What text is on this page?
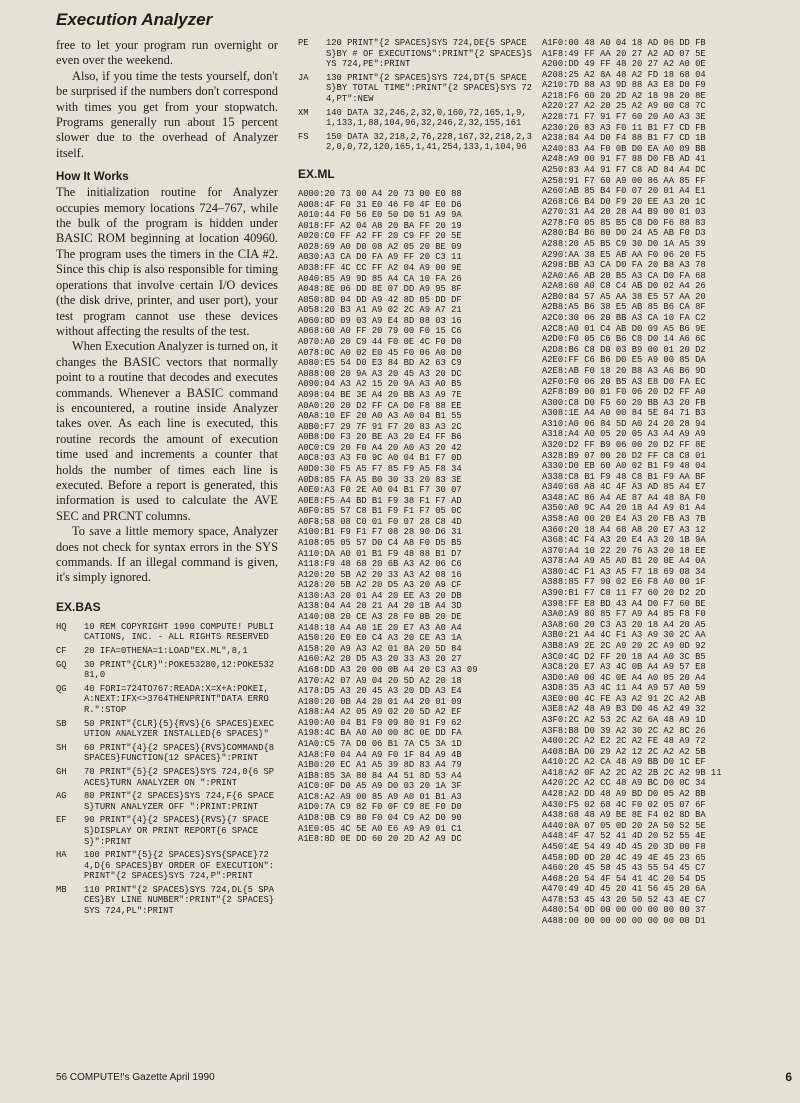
Execution Analyzer

free to let your program run overnight or even over the weekend.

Also, if you time the tests yourself, don't be surprised if the numbers don't correspond with times you get from your stopwatch. Programs generally run about 15 percent slower due to the overhead of Analyzer itself.

How It Works

The initialization routine for Analyzer occupies memory locations 724–767, while the bulk of the program is hidden under BASIC ROM beginning at location 40960. The program uses the timers in the CIA #2. Since this chip is also responsible for timing operations that involve certain I/O devices (the disk drive, printer, and user port), your test program cannot use these devices without affecting the results of the test.

When Execution Analyzer is turned on, it changes the BASIC vectors that normally point to a routine that decodes and executes commands. Whenever a BASIC command is encountered, a routine inside Analyzer takes over. As each line is executed, this routine records the amount of execution time used and increments a counter that holds the number of times each line is executed. Before a report is generated, this information is used to calculate the AVE SEC and PRCNT columns.

To save a little memory space, Analyzer does not check for syntax errors in the SYS commands. If an illegal command is given, it's simply ignored.

EX.BAS
HQ	10 REM COPYRIGHT 1990 COMPUTE! PUBLICATIONS, INC. - ALL RIGHTS RESERVED
CF	20 IFA=0THENA=1:LOAD"EX.ML",8,1
GQ	30 PRINT"{CLR}":POKE53280,12:POKE53281,0
QG	40 FORI=724TO767:READA:X=X+A:POKEI,A:NEXT:IFX<>3764THENPRINT"DATA ERROR.":STOP
SB	50 PRINT"{CLR}{5}{RVS}{6 SPACES}EXECUTION ANALYZER INSTALLED{6 SPACES}"
SH	60 PRINT"{4}{2 SPACES}{RVS}COMMAND{8 SPACES}FUNCTION{12 SPACES}":PRINT
GH	70 PRINT"{5}{2 SPACES}SYS 724,0{6 SPACES}TURN ANALYZER ON ":PRINT
AG	80 PRINT"{2 SPACES}SYS 724,F{6 SPACES}TURN ANALYZER OFF ":PRINT:PRINT
EF	90 PRINT"{4}{2 SPACES}{RVS}{7 SPACES}DISPLAY OR PRINT REPORT{6 SPACES}":PRINT
HA	100 PRINT"{5}{2 SPACES}SYS{SPACE}724,D{6 SPACES}BY ORDER OF EXECUTION":PRINT"{2 SPACES}SYS 724,P":PRINT
MB	110 PRINT"{2 SPACES}SYS 724,DL{5 SPACES}BY LINE NUMBER":PRINT"{2 SPACES}SYS 724,PL":PRINT
PE	120 PRINT"{2 SPACES}SYS 724,DE{5 SPACES}BY # OF EXECUTIONS":PRINT"{2 SPACES}SYS 724,PE":PRINT
JA	130 PRINT"{2 SPACES}SYS 724,DT{5 SPACES}BY TOTAL TIME":PRINT"{2 SPACES}SYS 724,PT":NEW
XM	140 DATA 32,246,2,32,0,160,72,165,1,9,1,133,1,88,104,96,32,246,2,32,155,161
FS	150 DATA 32,218,2,76,228,167,32,218,2,32,0,0,72,120,165,1,41,254,133,1,104,96
EX.ML
A000:20 73 00 A4 20 73 00 E0 88
A008:4F F0 31 E0 46 F0 4F E0 D6
A010:44 F0 56 E0 50 D0 51 A9 9A
A018:FF A2 04 A8 20 BA FF 20 19
A020:C0 FF A2 FF 20 C9 FF 20 5E
A028:69 A0 D0 08 A2 05 20 BE 09
A030:A3 CA D0 FA A9 FF 20 C3 11
A038:FF 4C CC FF A2 04 A9 00 9E
A040:85 A9 9D 85 A4 CA 10 FA 26
A048:8E 06 DD 8E 07 DD A9 95 8F
A050:8D 04 DD A9 42 8D 05 DD DF
A058:20 B3 A1 A9 02 2C A9 A7 21
A060:8D 09 03 A9 E4 8D 08 03 16
A068:60 A0 FF 20 79 00 F0 15 C6
A070:A0 20 C9 44 F0 0E 4C F0 D0
A078:0C A0 02 E0 45 F0 06 A0 D0
A080:E5 54 D0 E3 84 BD A2 63 C9
A088:00 20 9A A3 20 45 A3 20 DC
A090:04 A3 A2 15 20 9A A3 A0 B5
A098:04 BE 3E A4 20 BB A3 A9 7E
A0A0:20 20 D2 FF CA D0 F8 88 EE
A0A8:10 EF 20 A0 A3 A0 04 B1 55
A0B0:F7 29 7F 91 F7 20 83 A3 2C
A0B8:D0 F3 20 BE A3 20 E4 FF B6
A0C0:C9 20 F0 A4 20 A0 A3 20 42
A0C8:03 A3 F0 9C A0 04 B1 F7 0D
A0D0:30 F5 A5 F7 85 F9 A5 F8 34
A0D8:85 FA A5 B0 30 33 20 83 3E
A0E0:A3 F0 2E A0 04 B1 F7 30 07
A0E8:F5 A4 BD B1 F9 38 F1 F7 AD
A0F0:85 57 C8 B1 F9 F1 F7 05 0C
A0F8:58 08 C0 01 F0 07 28 C8 4D
A100:B1 F9 F1 F7 08 28 90 D6 31
A108:05 05 57 D0 C4 A8 F0 D5 B5
A110:DA A0 01 B1 F9 48 88 B1 D7
A118:F9 48 68 20 6B A3 A2 06 C6
A120:20 5B A2 20 33 A3 A2 08 16
A128:20 5B A2 20 D5 A3 20 A9 CF
A130:A3 20 01 A4 20 EE A3 20 DB
A138:04 A4 20 21 A4 20 1B A4 3D
A140:08 20 CE A3 28 F0 0B 20 DE
A148:18 A4 A0 1E 20 E7 A3 A0 A4
A150:20 E0 E0 C4 A3 20 CE A3 1A
A158:20 A9 A3 A2 01 8A 20 5D 84
A160:A2 20 D5 A3 20 33 A3 20 27
A168:DD A3 20 00 0B A4 20 C3 A3 09
A170:A2 07 A9 04 20 5D A2 20 18
A178:D5 A3 20 45 A3 20 DD A3 E4
A180:20 0B A4 20 01 A4 20 01 09
A188:A4 A2 05 A9 02 20 5D A2 EF
A190:A0 04 B1 F9 09 80 91 F9 62
A198:4C BA A0 A0 00 8C 0E DD FA
A1A0:C5 7A D0 06 B1 7A C5 3A 1D
A1A8:F0 04 A4 A9 F0 1F 84 A9 4B
A1B0:20 EC A1 A5 39 8D 83 A4 79
A1B8:85 3A 80 84 A4 51 8D 53 A4
A1C0:0F D0 A5 A9 D0 03 20 1A 3F
A1C8:A2 A9 00 85 A9 A0 01 B1 A3
A1D0:7A C9 82 F0 0F C9 8E F0 D0
A1D8:0B C9 80 F0 04 C9 A2 D0 90
A1E0:05 4C 5E A0 E6 A9 A9 01 C1
A1E8:8D 0E DD 60 20 2D A2 A9 DC
A1F0:00 48 A0 04 18 AD 06 DD FB
A1F8:49 FF AA 20 27 A2 AD 07 5E
A200:DD 49 FF 48 20 27 A2 A0 0E
A208:25 A2 8A 48 A2 FD 18 68 04
A210:7D 88 A3 9D 88 A3 E8 D0 F9
A218:F6 60 20 2D A2 18 98 20 8E
A220:27 A2 20 25 A2 A9 00 C8 7C
A228:71 F7 91 F7 60 20 A0 A3 3E
A230:20 83 A3 F0 11 B1 F7 CD FB
A238:84 A4 D0 F4 88 B1 F7 CD 1B
A240:83 A4 F0 0B D0 EA A0 09 BB
A248:A9 00 91 F7 88 D0 FB AD 41
A250:83 A4 91 F7 C8 AD 84 A4 DC
A258:91 F7 60 A9 00 86 AA 85 FF
A260:AB 85 B4 F0 07 20 01 A4 E1
A268:C6 B4 D0 F9 20 EE A3 20 1C
A270:31 A4 20 28 A4 B9 00 01 03
A278:F0 05 85 B5 C8 D0 F6 88 83
A280:B4 B6 80 D0 24 A5 AB F0 D3
A288:20 A5 B5 C9 30 D0 1A A5 39
A290:AA 38 E5 AB AA F0 06 20 F5
A298:BB A3 CA D0 FA 20 B8 A3 78
A2A0:A6 AB 20 B5 A3 CA D0 FA 68
A2A8:60 A0 C8 C4 AB D0 02 A4 26
A2B0:84 57 A5 AA 38 E5 57 AA 20
A2B8:A5 B6 38 E5 AB 85 B6 CA 8F
A2C0:30 06 20 BB A3 CA 10 FA C2
A2C8:A0 01 C4 AB D0 09 A5 B6 9E
A2D0:F0 05 C6 B6 C8 D0 14 A6 6C
A2D8:B6 C8 D0 03 B9 00 01 20 D2
A2E0:FF C6 B6 D0 E5 A9 00 85 DA
A2E8:AB F0 18 20 B8 A3 A6 B6 9D
A2F0:F0 06 20 B5 A3 E8 D0 FA EC
A2F8:B9 00 01 F0 06 20 D2 FF A0
A300:C8 D0 F5 60 20 BB A3 20 FB
A308:1E A4 A0 00 84 5E 84 71 B3
A310:A0 06 84 5D A0 24 20 28 94
A318:A4 A0 05 20 05 A3 A4 A9 A9
A320:D2 FF B9 06 00 20 D2 FF 8E
A328:B9 07 00 20 D2 FF C8 C8 01
A330:D0 EB 60 A0 02 B1 F9 48 04
A338:C8 B1 F9 48 C8 B1 F9 AA BF
A340:68 A8 4C 4F A3 AD 85 A4 E7
A348:AC 86 A4 AE 87 A4 48 8A F0
A350:A0 9C A4 20 18 A4 A9 01 A4
A358:A0 00 20 E4 A3 20 FB A3 7B
A360:20 18 A4 68 A8 20 E7 A3 12
A368:4C F4 A3 20 E4 A3 20 1B 9A
A370:A4 10 22 20 76 A3 20 18 EE
A378:A4 A9 A5 A0 B1 20 0E A4 0A
A380:4C F1 A3 A5 F7 18 69 08 34
A388:85 F7 90 02 E6 F8 A0 00 1F
A390:B1 F7 C8 11 F7 60 20 D2 2D
A398:FF E8 BD 43 A4 D0 F7 60 BE
A3A0:A9 80 85 F7 A9 A4 85 F8 F0
A3A8:60 20 C3 A3 20 18 A4 20 A5
A3B0:21 A4 4C F1 A3 A9 30 2C AA
A3B8:A9 2E 2C A9 20 2C A9 0D 92
A3C0:4C D2 FF 20 18 A4 A0 3C B5
A3C8:20 E7 A3 4C 0B A4 A9 57 E8
A3D0:A0 00 4C 0E A4 A0 05 20 A4
A3D8:35 A3 4C 11 A4 A9 57 A0 59
A3E0:00 4C FE A3 A2 91 2C A2 AB
A3E8:A2 48 A9 B3 D0 46 A2 49 32
A3F0:2C A2 53 2C A2 6A 48 A9 1D
A3F8:B8 D0 39 A2 30 2C A2 8C 26
A400:2C A2 E2 2C A2 FE 48 A9 72
A408:BA D0 29 A2 12 2C A2 A2 5B
A410:2C A2 CA 48 A9 BB D0 1C EF
A418:A2 0F A2 2C A2 2B 2C A2 9B 11
A420:2C A2 CC 48 A9 BC D0 0C 34
A428:A2 DD 48 A9 BD D0 05 A2 BB
A430:F5 02 68 4C F0 02 05 07 6F
A438:68 48 A9 BE 8E F4 02 8D BA
A440:0A 07 05 0D 20 2A 50 52 5E
A448:4F 47 52 41 4D 20 52 55 4E
A450:4E 54 49 4D 45 20 3D 00 F8
A458:0D 0D 20 4C 49 4E 45 23 65
A460:20 45 58 45 43 55 54 45 C7
A468:20 54 4F 54 41 4C 20 54 D5
A470:49 4D 45 20 41 56 45 20 6A
A478:53 45 43 20 50 52 43 4E C7
A480:54 0D 00 00 00 00 00 00 37
A488:00 00 00 00 00 00 00 00 D1
56 COMPUTE!'s Gazette April 1990	6
